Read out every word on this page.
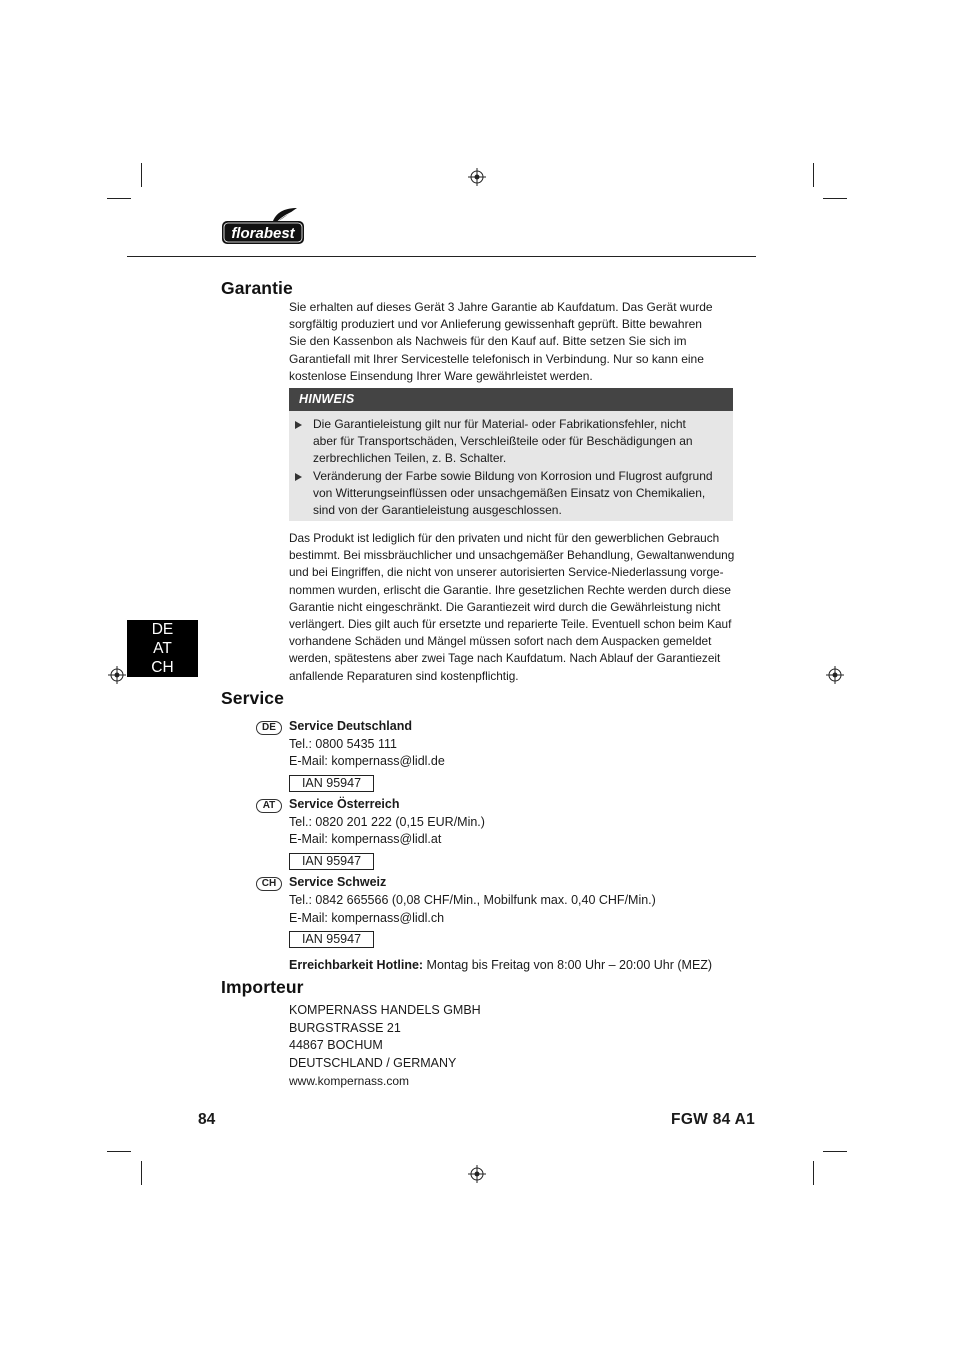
florabest
Garantie
Sie erhalten auf dieses Gerät 3 Jahre Garantie ab Kaufdatum. Das Gerät wurde
sorgfältig produziert und vor Anlieferung gewissenhaft geprüft. Bitte bewahren
Sie den Kassenbon als Nachweis für den Kauf auf. Bitte setzen Sie sich im
Garantiefall mit Ihrer Servicestelle telefonisch in Verbindung. Nur so kann eine
kostenlose Einsendung Ihrer Ware gewährleistet werden.
HINWEIS
Die Garantieleistung gilt nur für Material- oder Fabrikationsfehler, nicht
aber für Transportschäden, Verschleißteile oder für Beschädigungen an
zerbrechlichen Teilen, z. B. Schalter.
Veränderung der Farbe sowie Bildung von Korrosion und Flugrost aufgrund
von Witterungseinflüssen oder unsachgemäßen Einsatz von Chemikalien,
sind von der Garantieleistung ausgeschlossen.
Das Produkt ist lediglich für den privaten und nicht für den gewerblichen Gebrauch
bestimmt. Bei missbräuchlicher und unsachgemäßer Behandlung, Gewaltanwendung
und bei Eingriffen, die nicht von unserer autorisierten Service-Niederlassung vorge-
nommen wurden, erlischt die Garantie. Ihre gesetzlichen Rechte werden durch diese
Garantie nicht eingeschränkt. Die Garantiezeit wird durch die Gewährleistung nicht
verlängert. Dies gilt auch für ersetzte und reparierte Teile. Eventuell schon beim Kauf
vorhandene Schäden und Mängel müssen sofort nach dem Auspacken gemeldet
werden, spätestens aber zwei Tage nach Kaufdatum. Nach Ablauf der Garantiezeit
anfallende Reparaturen sind kostenpflichtig.
DE
AT
CH
Service
DE	Service Deutschland
Tel.: 0800 5435 111
E-Mail: kompernass@lidl.de
IAN 95947
AT	Service Österreich
Tel.: 0820 201 222 (0,15 EUR/Min.)
E-Mail: kompernass@lidl.at
IAN 95947
CH	Service Schweiz
Tel.: 0842 665566 (0,08 CHF/Min., Mobilfunk max. 0,40 CHF/Min.)
E-Mail: kompernass@lidl.ch
IAN 95947
Erreichbarkeit Hotline: Montag bis Freitag von 8:00 Uhr – 20:00 Uhr (MEZ)
Importeur
KOMPERNASS HANDELS GMBH
BURGSTRASSE 21
44867 BOCHUM
DEUTSCHLAND / GERMANY
www.kompernass.com
84	FGW 84 A1
